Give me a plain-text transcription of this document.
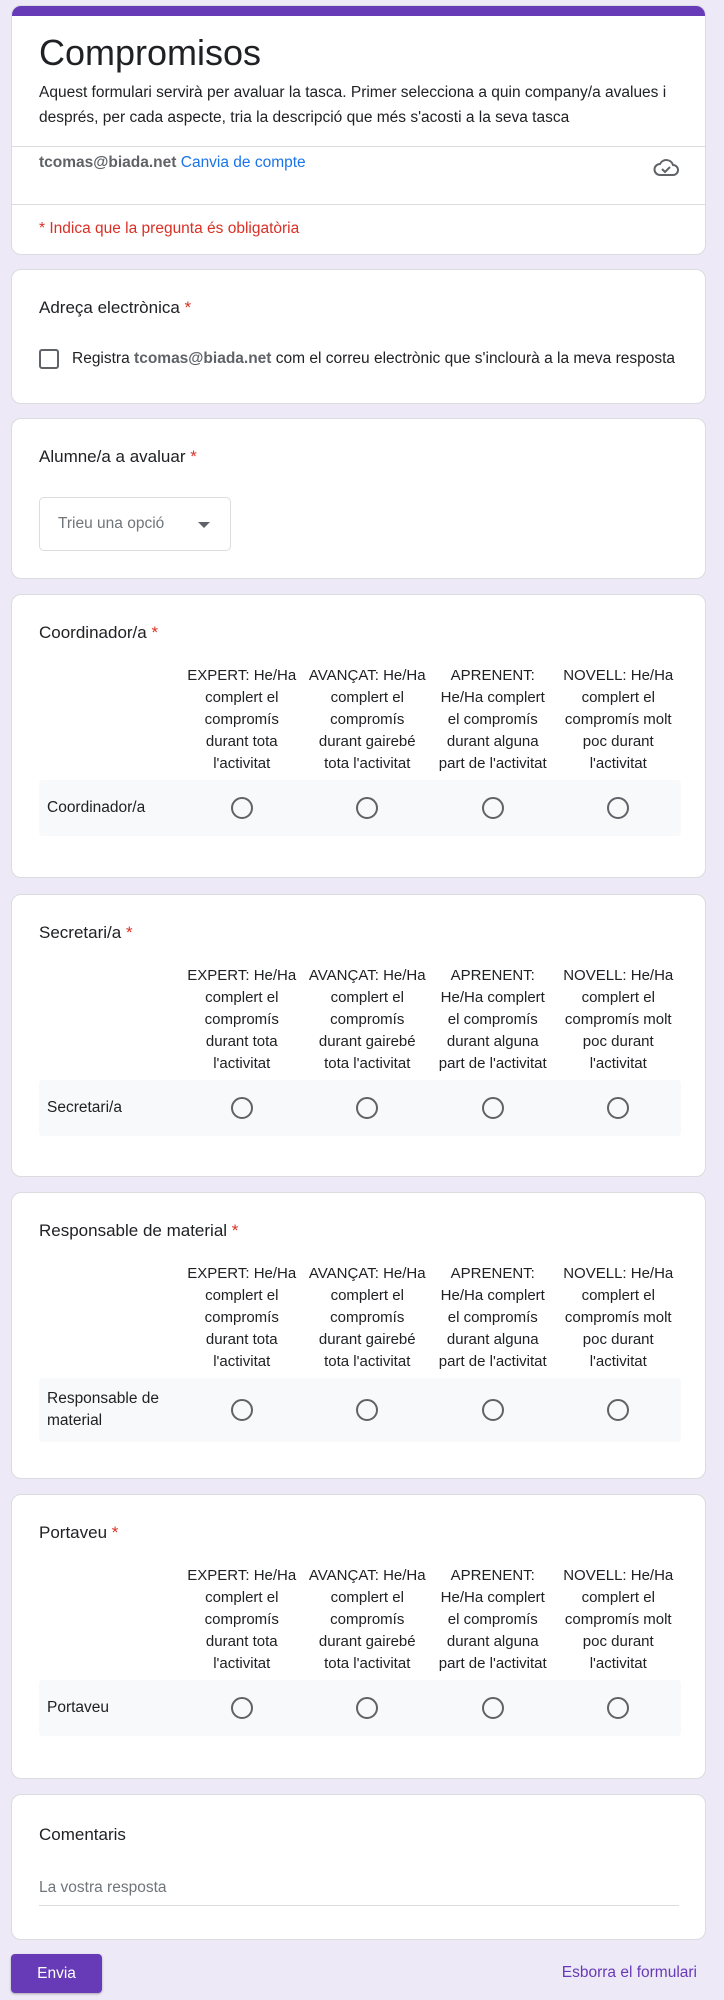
Compromisos
Aquest formulari servirà per avaluar la tasca. Primer selecciona a quin company/a avalues i després, per cada aspecte, tria la descripció que més s'acosti a la seva tasca
tcomas@biada.net Canvia de compte
* Indica que la pregunta és obligatòria
Adreça electrònica *
Registra tcomas@biada.net com el correu electrònic que s'inclourà a la meva resposta
Alumne/a a avaluar *
Trieu una opció
Coordinador/a *
EXPERT: He/Ha complert el compromís durant tota l'activitat
AVANÇAT: He/Ha complert el compromís durant gairebé tota l'activitat
APRENENT: He/Ha complert el compromís durant alguna part de l'activitat
NOVELL: He/Ha complert el compromís molt poc durant l'activitat
Coordinador/a
Secretari/a *
EXPERT: He/Ha complert el compromís durant tota l'activitat
AVANÇAT: He/Ha complert el compromís durant gairebé tota l'activitat
APRENENT: He/Ha complert el compromís durant alguna part de l'activitat
NOVELL: He/Ha complert el compromís molt poc durant l'activitat
Secretari/a
Responsable de material *
EXPERT: He/Ha complert el compromís durant tota l'activitat
AVANÇAT: He/Ha complert el compromís durant gairebé tota l'activitat
APRENENT: He/Ha complert el compromís durant alguna part de l'activitat
NOVELL: He/Ha complert el compromís molt poc durant l'activitat
Responsable de material
Portaveu *
EXPERT: He/Ha complert el compromís durant tota l'activitat
AVANÇAT: He/Ha complert el compromís durant gairebé tota l'activitat
APRENENT: He/Ha complert el compromís durant alguna part de l'activitat
NOVELL: He/Ha complert el compromís molt poc durant l'activitat
Portaveu
Comentaris
La vostra resposta
Envia	Esborra el formulari
